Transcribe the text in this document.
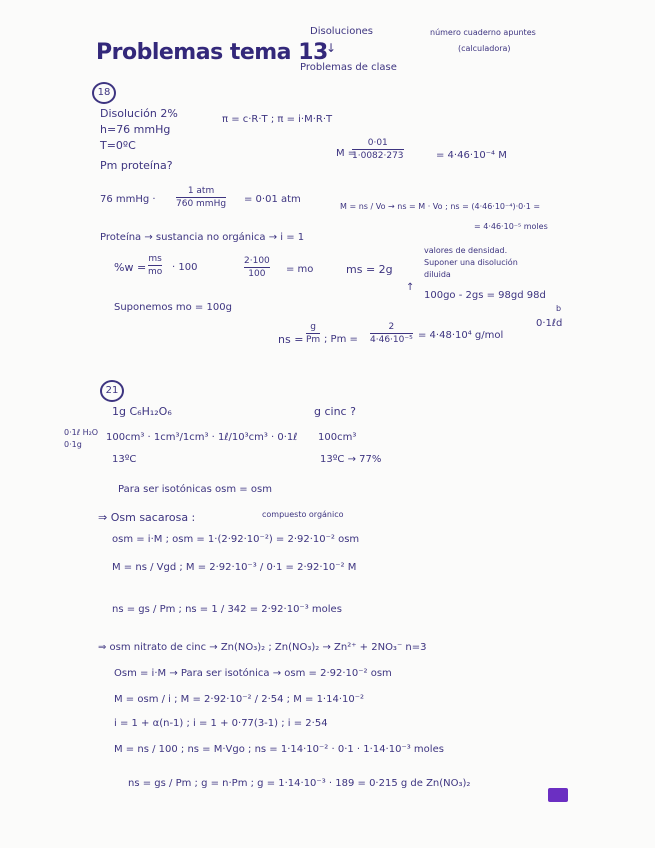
Disoluciones
↓
Problemas de clase
número cuaderno apuntes
(calculadora)
Problemas tema 13
18
Disolución 2%
h=76 mmHg
T=0ºC
Pm proteína?
π = c·R·T ; π = i·M·R·T
M =
0·01
1·0082·273	= 4·46·10⁻⁴ M
76 mmHg ·
1 atm
760 mmHg = 0·01 atm
M = ns / Vo → ns = M · Vo ; ns = (4·46·10⁻⁴)·0·1 =
= 4·46·10⁻⁵ moles
Proteína → sustancia no orgánica → i = 1
%w =
ms
mo · 100
2·100
100 = mo	ms = 2g
valores de densidad.
Suponer una disolución
diluida
↑
Suponemos mo = 100g
100go - 2gs = 98gd 98d
b
0·1ℓd
ns =
g
Pm ; Pm =
2
4·46·10⁻⁵ = 4·48·10⁴ g/mol
21
1g C₆H₁₂O₆	g cinc ?
0·1ℓ H₂O
0·1g
100cm³ · 1cm³/1cm³ · 1ℓ/10³cm³ · 0·1ℓ 100cm³
13ºC	13ºC → 77%
Para ser isotónicas osm = osm
⇒ Osm sacarosa :	compuesto orgánico
osm = i·M ; osm = 1·(2·92·10⁻²) = 2·92·10⁻² osm
M = ns / Vgd ; M = 2·92·10⁻³ / 0·1 = 2·92·10⁻² M
ns = gs / Pm ; ns = 1 / 342 = 2·92·10⁻³ moles
⇒ osm nitrato de cinc → Zn(NO₃)₂ ; Zn(NO₃)₂ → Zn²⁺ + 2NO₃⁻ n=3
Osm = i·M → Para ser isotónica → osm = 2·92·10⁻² osm
M = osm / i ; M = 2·92·10⁻² / 2·54 ; M = 1·14·10⁻²
i = 1 + α(n-1) ; i = 1 + 0·77(3-1) ; i = 2·54
M = ns / 100 ; ns = M·Vgo ; ns = 1·14·10⁻² · 0·1 · 1·14·10⁻³ moles
ns = gs / Pm ; g = n·Pm ; g = 1·14·10⁻³ · 189 = 0·215 g de Zn(NO₃)₂
